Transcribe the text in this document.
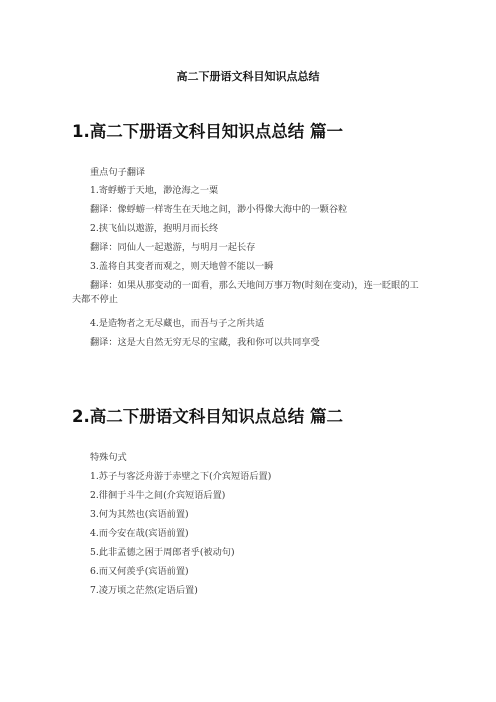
高二下册语文科目知识点总结
1.高二下册语文科目知识点总结 篇一

重点句子翻译

1.寄蜉蝣于天地，渺沧海之一粟

翻译：像蜉蝣一样寄生在天地之间，渺小得像大海中的一颗谷粒

2.挟飞仙以遨游，抱明月而长终

翻译：同仙人一起遨游，与明月一起长存

3.盖将自其变者而观之，则天地曾不能以一瞬

翻译：如果从那变动的一面看，那么天地间万事万物(时刻在变动)，连一眨眼的工夫都不停止

4.是造物者之无尽藏也，而吾与子之所共适

翻译：这是大自然无穷无尽的宝藏，我和你可以共同享受

2.高二下册语文科目知识点总结 篇二

特殊句式

1.苏子与客泛舟游于赤壁之下(介宾短语后置)

2.徘徊于斗牛之间(介宾短语后置)

3.何为其然也(宾语前置)

4.而今安在哉(宾语前置)

5.此非孟德之困于周郎者乎(被动句)

6.而又何羡乎(宾语前置)

7.凌万顷之茫然(定语后置)
